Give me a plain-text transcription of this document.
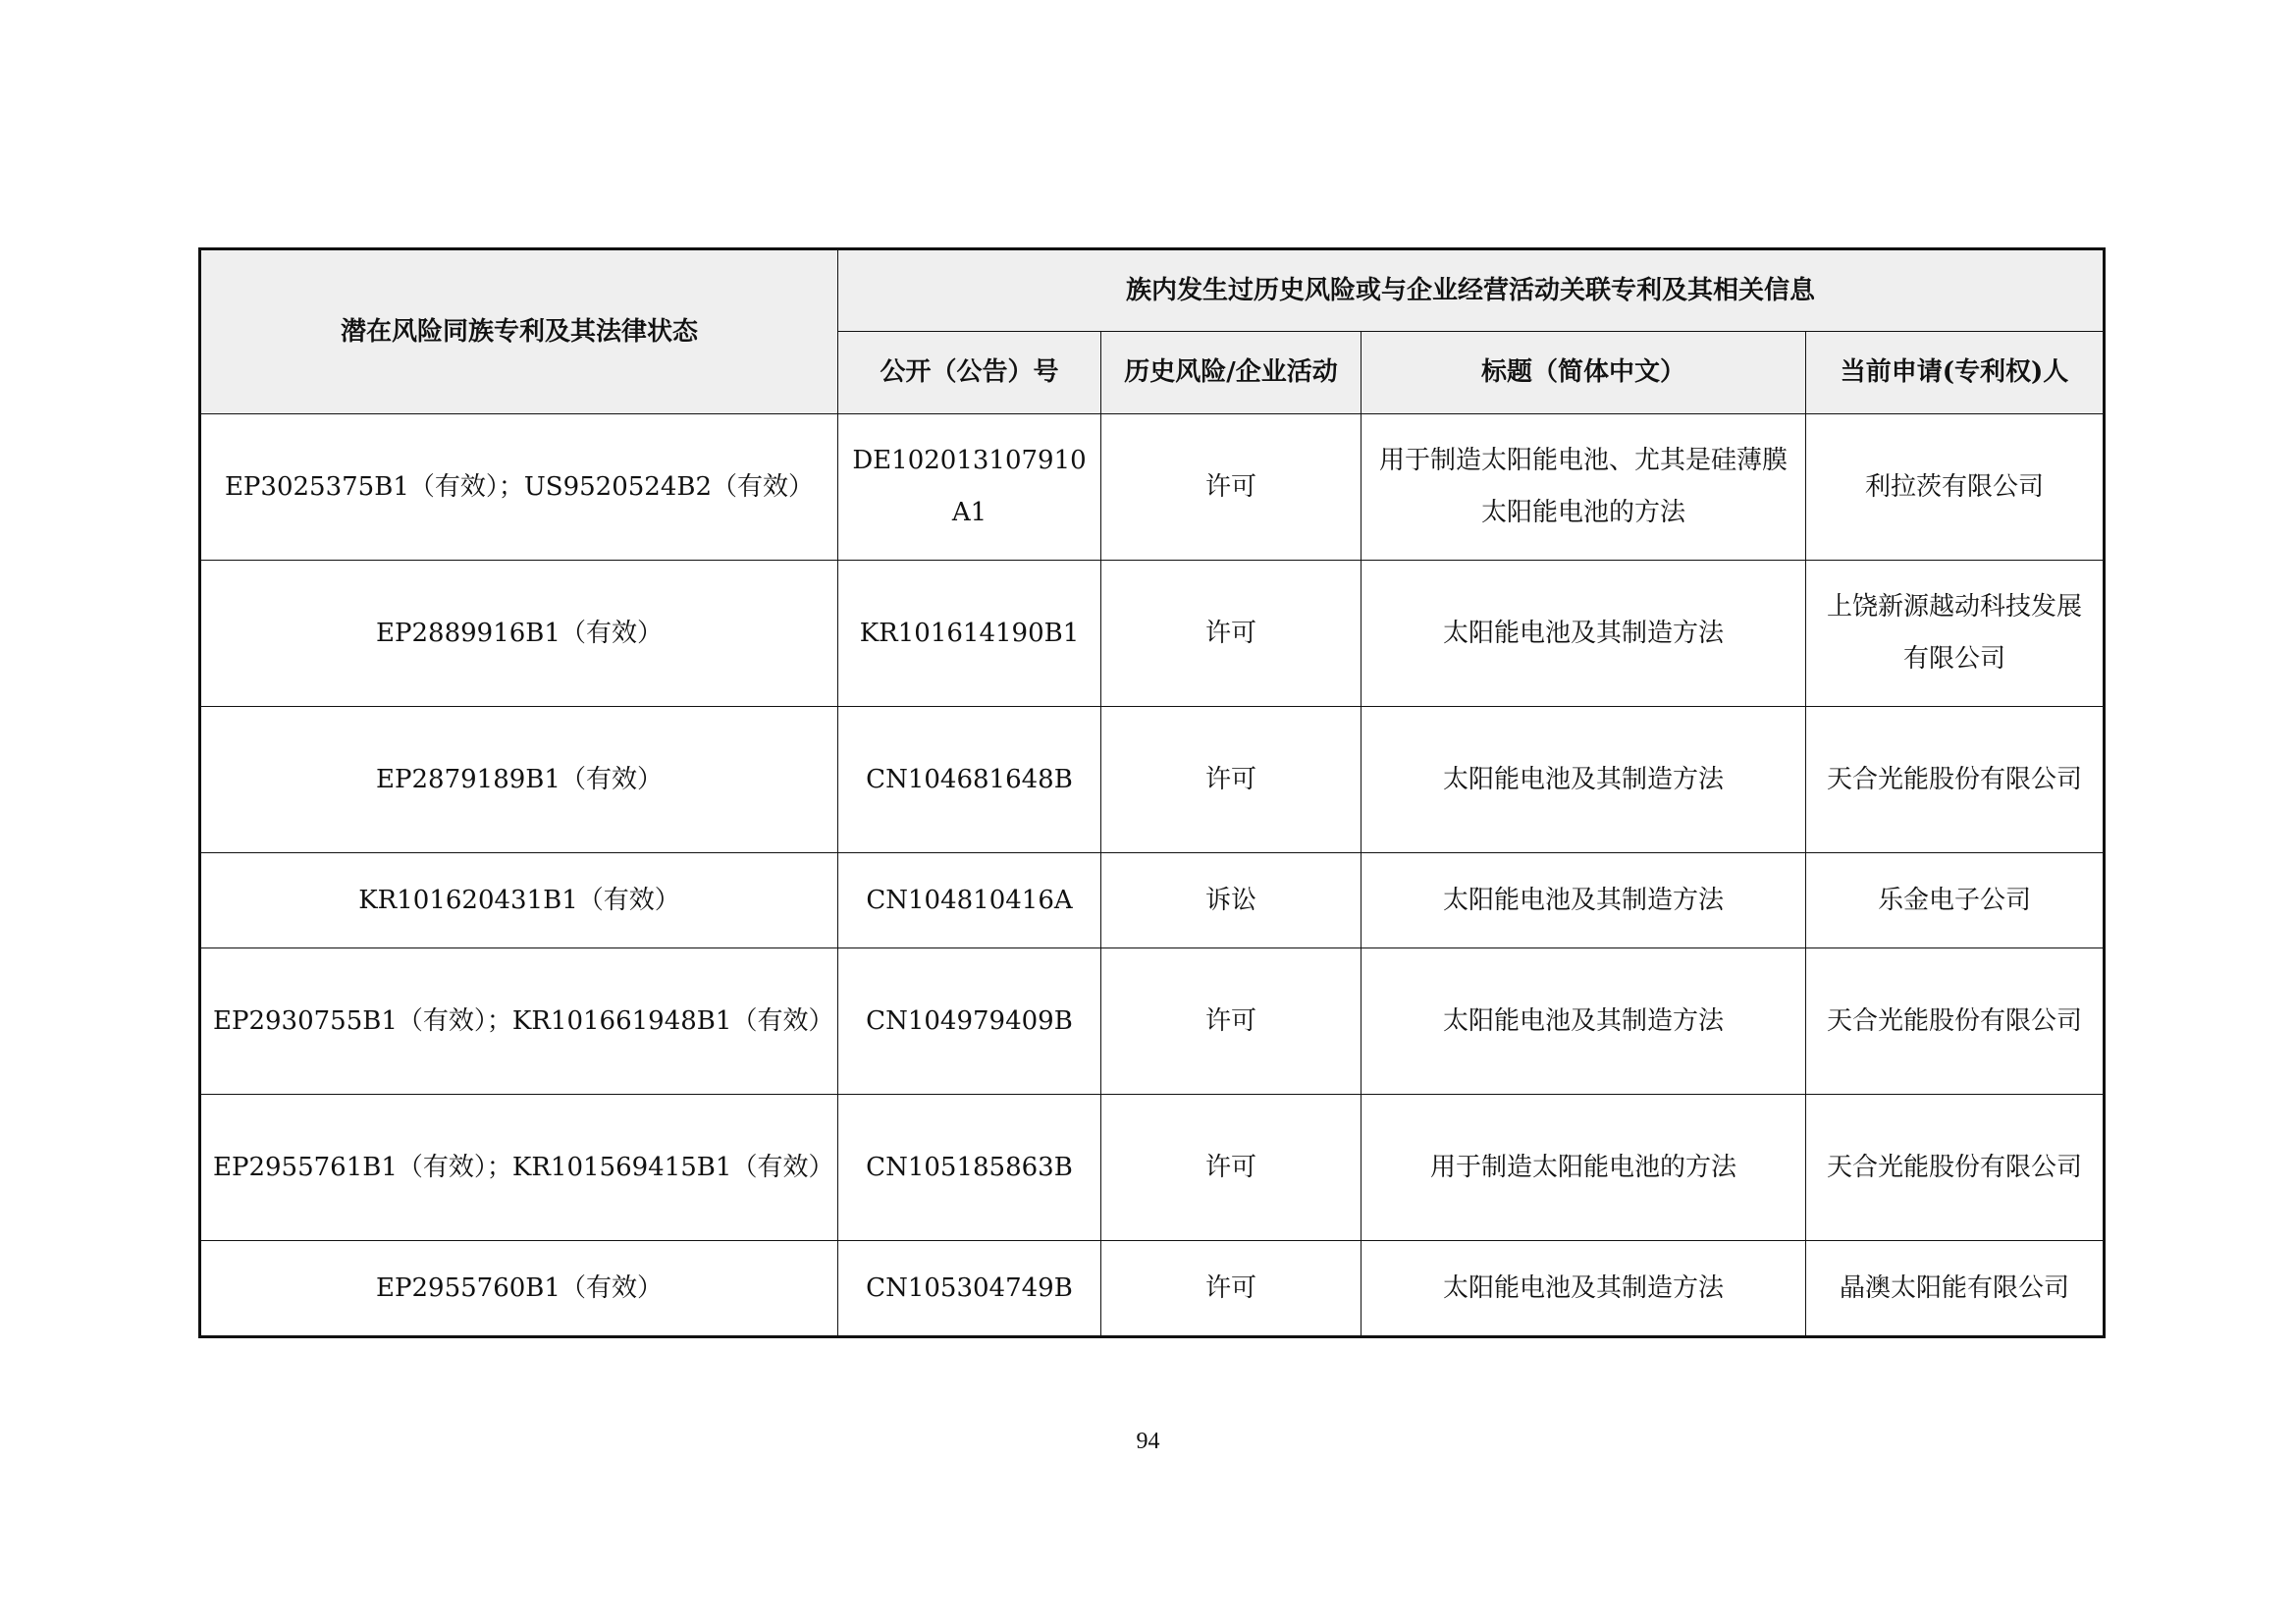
潜在风险同族专利及其法律状态	族内发生过历史风险或与企业经营活动关联专利及其相关信息			
	公开（公告）号	历史风险/企业活动	标题（简体中文）	当前申请(专利权)人
EP3025375B1（有效）；US9520524B2（有效）	DE102013107910A1	许可	用于制造太阳能电池、尤其是硅薄膜太阳能电池的方法	利拉茨有限公司
EP2889916B1（有效）	KR101614190B1	许可	太阳能电池及其制造方法	上饶新源越动科技发展有限公司
EP2879189B1（有效）	CN104681648B	许可	太阳能电池及其制造方法	天合光能股份有限公司
KR101620431B1（有效）	CN104810416A	诉讼	太阳能电池及其制造方法	乐金电子公司
EP2930755B1（有效）；KR101661948B1（有效）	CN104979409B	许可	太阳能电池及其制造方法	天合光能股份有限公司
EP2955761B1（有效）；KR101569415B1（有效）	CN105185863B	许可	用于制造太阳能电池的方法	天合光能股份有限公司
EP2955760B1（有效）	CN105304749B	许可	太阳能电池及其制造方法	晶澳太阳能有限公司
94
